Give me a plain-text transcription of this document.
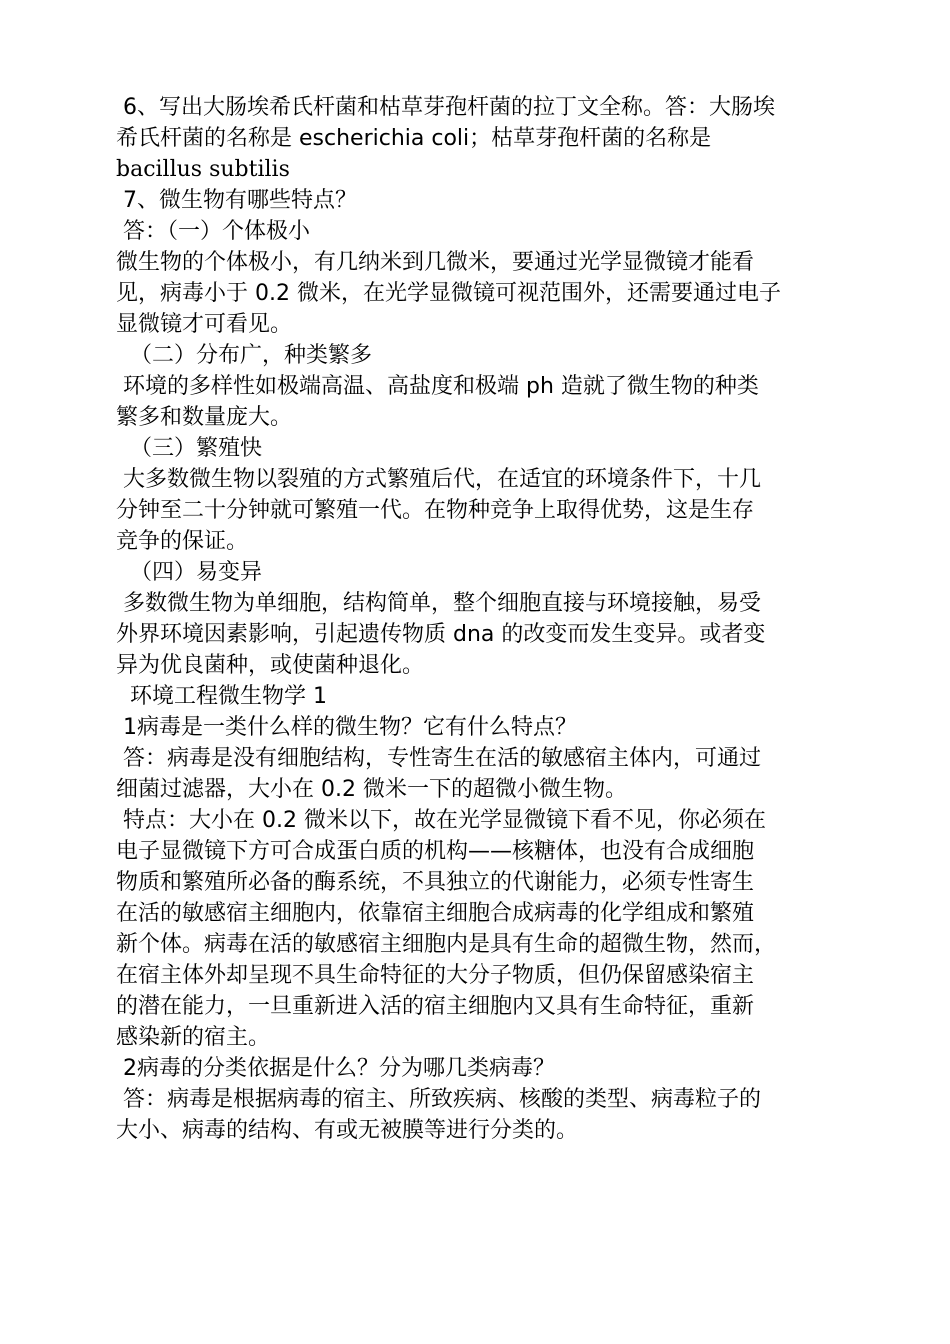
6、写出大肠埃希氏杆菌和枯草芽孢杆菌的拉丁文全称。答：大肠埃
希氏杆菌的名称是 escherichia coli；枯草芽孢杆菌的名称是
bacillus subtilis
7、微生物有哪些特点？
答：（一）个体极小
微生物的个体极小，有几纳米到几微米，要通过光学显微镜才能看
见，病毒小于 0.2 微米，在光学显微镜可视范围外，还需要通过电子
显微镜才可看见。
（二）分布广，种类繁多
环境的多样性如极端高温、高盐度和极端 ph 造就了微生物的种类
繁多和数量庞大。
（三）繁殖快
大多数微生物以裂殖的方式繁殖后代，在适宜的环境条件下，十几
分钟至二十分钟就可繁殖一代。在物种竞争上取得优势，这是生存
竞争的保证。
（四）易变异
多数微生物为单细胞，结构简单，整个细胞直接与环境接触，易受
外界环境因素影响，引起遗传物质 dna 的改变而发生变异。或者变
异为优良菌种，或使菌种退化。
环境工程微生物学 1
1病毒是一类什么样的微生物？它有什么特点？
答：病毒是没有细胞结构，专性寄生在活的敏感宿主体内，可通过
细菌过滤器，大小在 0.2 微米一下的超微小微生物。
特点：大小在 0.2 微米以下，故在光学显微镜下看不见，你必须在
电子显微镜下方可合成蛋白质的机构——核糖体，也没有合成细胞
物质和繁殖所必备的酶系统，不具独立的代谢能力，必须专性寄生
在活的敏感宿主细胞内，依靠宿主细胞合成病毒的化学组成和繁殖
新个体。病毒在活的敏感宿主细胞内是具有生命的超微生物，然而，
在宿主体外却呈现不具生命特征的大分子物质，但仍保留感染宿主
的潜在能力，一旦重新进入活的宿主细胞内又具有生命特征，重新
感染新的宿主。
2病毒的分类依据是什么？分为哪几类病毒？
答：病毒是根据病毒的宿主、所致疾病、核酸的类型、病毒粒子的
大小、病毒的结构、有或无被膜等进行分类的。
